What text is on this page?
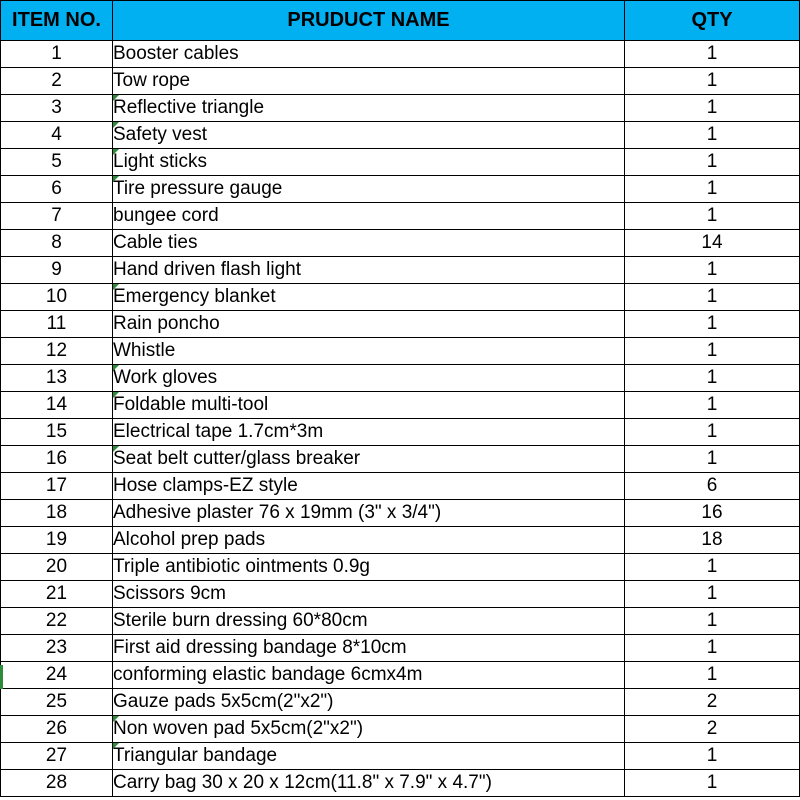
ITEM NO.	PRUDUCT NAME	QTY
1	Booster cables	1
2	Tow rope	1
3	Reflective triangle	1
4	Safety vest	1
5	Light sticks	1
6	Tire pressure gauge	1
7	bungee cord	1
8	Cable ties	14
9	Hand driven flash light	1
10	Emergency blanket	1
11	Rain poncho	1
12	Whistle	1
13	Work gloves	1
14	Foldable multi-tool	1
15	Electrical tape 1.7cm*3m	1
16	Seat belt cutter/glass breaker	1
17	Hose clamps-EZ style	6
18	Adhesive plaster 76 x 19mm (3" x 3/4")	16
19	Alcohol prep pads	18
20	Triple antibiotic ointments 0.9g	1
21	Scissors 9cm	1
22	Sterile burn dressing 60*80cm	1
23	First aid dressing bandage 8*10cm	1
24	conforming elastic bandage 6cmx4m	1
25	Gauze pads 5x5cm(2"x2")	2
26	Non woven pad 5x5cm(2"x2")	2
27	Triangular bandage	1
28	Carry bag 30 x 20 x 12cm(11.8" x 7.9" x 4.7")	1
